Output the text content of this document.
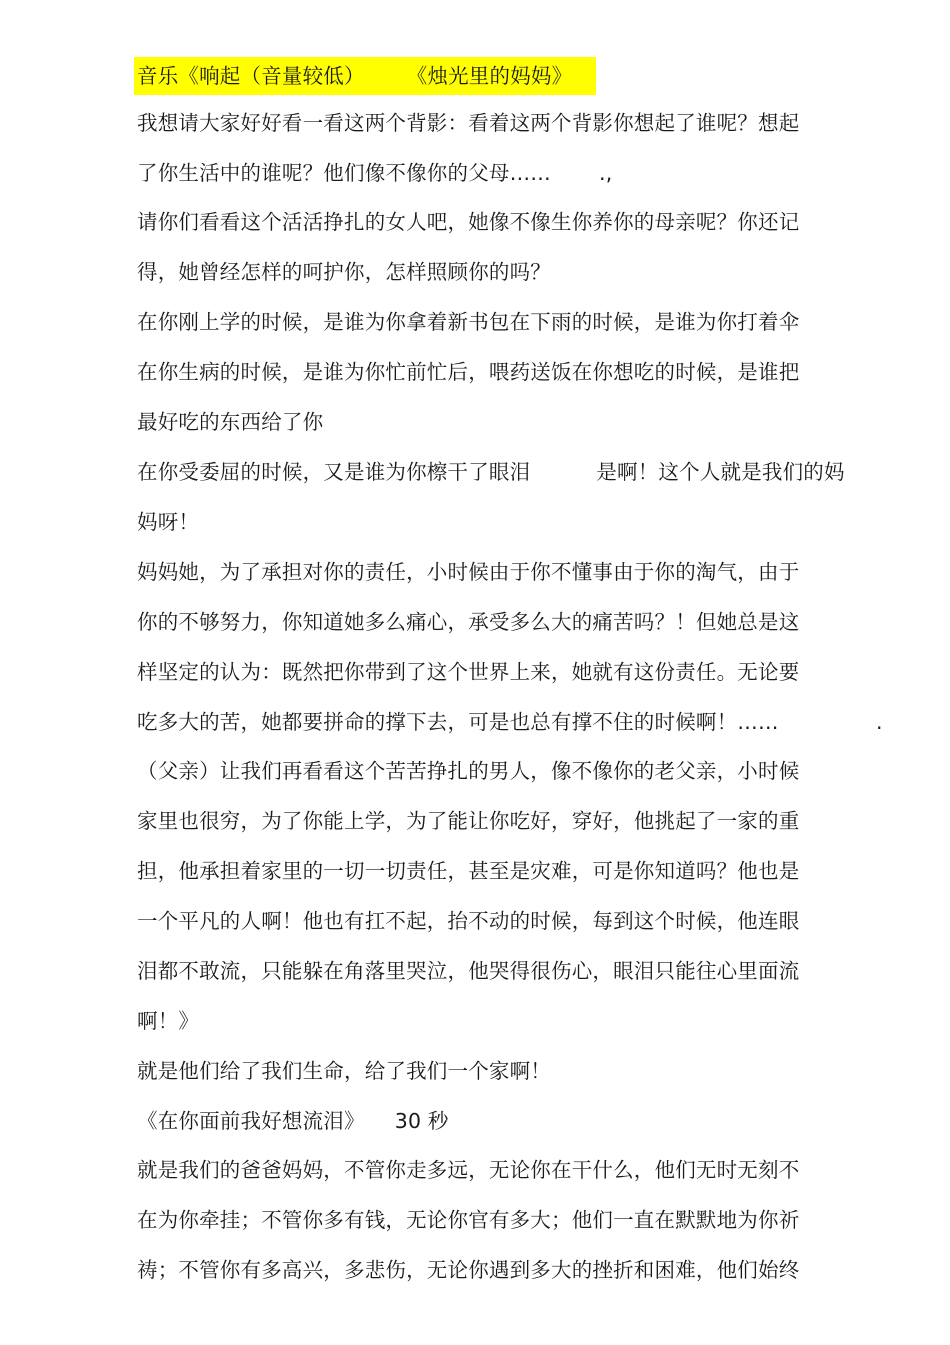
音乐《响起（音量较低） 《烛光里的妈妈》
我想请大家好好看一看这两个背影：看着这两个背影你想起了谁呢？想起
了你生活中的谁呢？他们像不像你的父母…… .,
请你们看看这个活活挣扎的女人吧，她像不像生你养你的母亲呢？你还记
得，她曾经怎样的呵护你，怎样照顾你的吗？
在你刚上学的时候，是谁为你拿着新书包在下雨的时候，是谁为你打着伞
在你生病的时候，是谁为你忙前忙后，喂药送饭在你想吃的时候，是谁把
最好吃的东西给了你
在你受委屈的时候，又是谁为你檫干了眼泪	是啊！这个人就是我们的妈
妈呀！
妈妈她，为了承担对你的责任，小时候由于你不懂事由于你的淘气，由于
你的不够努力，你知道她多么痛心，承受多么大的痛苦吗？！但她总是这
样坚定的认为：既然把你带到了这个世界上来，她就有这份责任。无论要
吃多大的苦，她都要拼命的撑下去，可是也总有撑不住的时候啊！……	.
（父亲）让我们再看看这个苦苦挣扎的男人，像不像你的老父亲，小时候
家里也很穷，为了你能上学，为了能让你吃好，穿好，他挑起了一家的重
担，他承担着家里的一切一切责任，甚至是灾难，可是你知道吗？他也是
一个平凡的人啊！他也有扛不起，抬不动的时候，每到这个时候，他连眼
泪都不敢流，只能躲在角落里哭泣，他哭得很伤心，眼泪只能往心里面流
啊！》
就是他们给了我们生命，给了我们一个家啊！
《在你面前我好想流泪》 30 秒
就是我们的爸爸妈妈，不管你走多远，无论你在干什么，他们无时无刻不
在为你牵挂；不管你多有钱，无论你官有多大；他们一直在默默地为你祈
祷；不管你有多高兴，多悲伤，无论你遇到多大的挫折和困难，他们始终
